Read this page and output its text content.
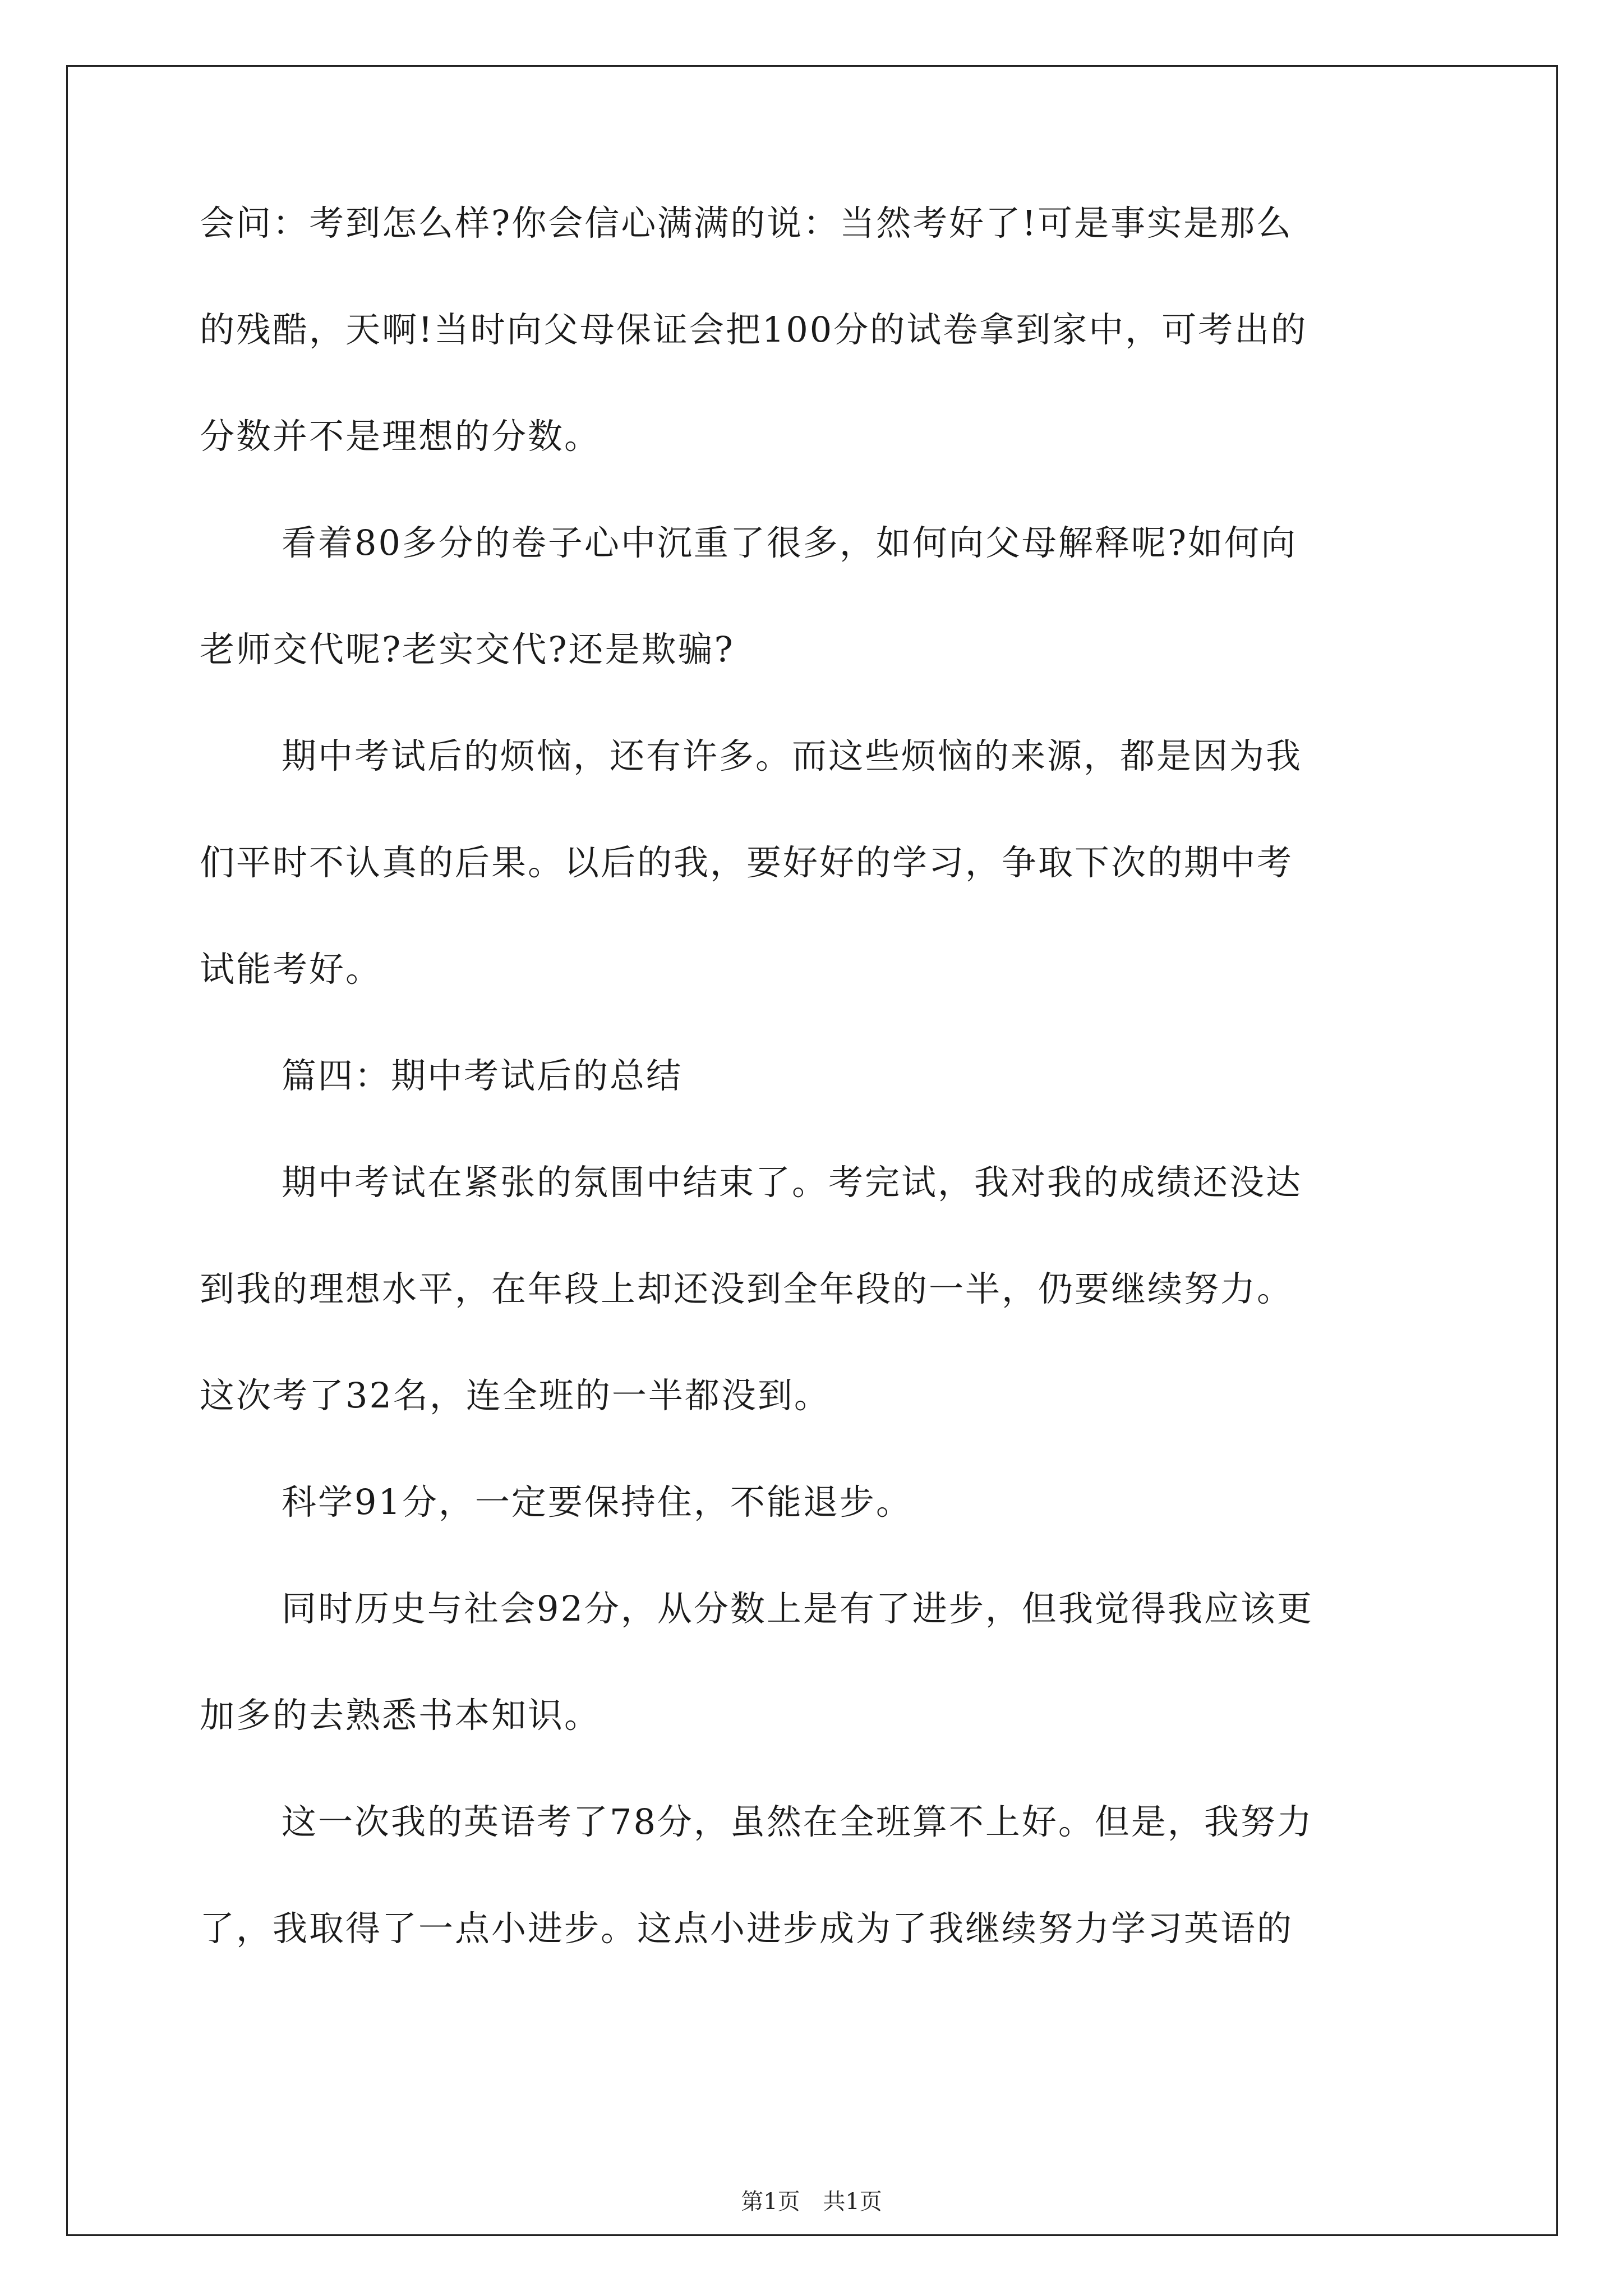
会问：考到怎么样?你会信心满满的说：当然考好了!可是事实是那么
的残酷，天啊!当时向父母保证会把100分的试卷拿到家中，可考出的
分数并不是理想的分数。
看着80多分的卷子心中沉重了很多，如何向父母解释呢?如何向
老师交代呢?老实交代?还是欺骗?
期中考试后的烦恼，还有许多。而这些烦恼的来源，都是因为我
们平时不认真的后果。以后的我，要好好的学习，争取下次的期中考
试能考好。
篇四：期中考试后的总结
期中考试在紧张的氛围中结束了。考完试，我对我的成绩还没达
到我的理想水平，在年段上却还没到全年段的一半，仍要继续努力。
这次考了32名，连全班的一半都没到。
科学91分，一定要保持住，不能退步。
同时历史与社会92分，从分数上是有了进步，但我觉得我应该更
加多的去熟悉书本知识。
这一次我的英语考了78分，虽然在全班算不上好。但是，我努力
了，我取得了一点小进步。这点小进步成为了我继续努力学习英语的
第1页 共1页
